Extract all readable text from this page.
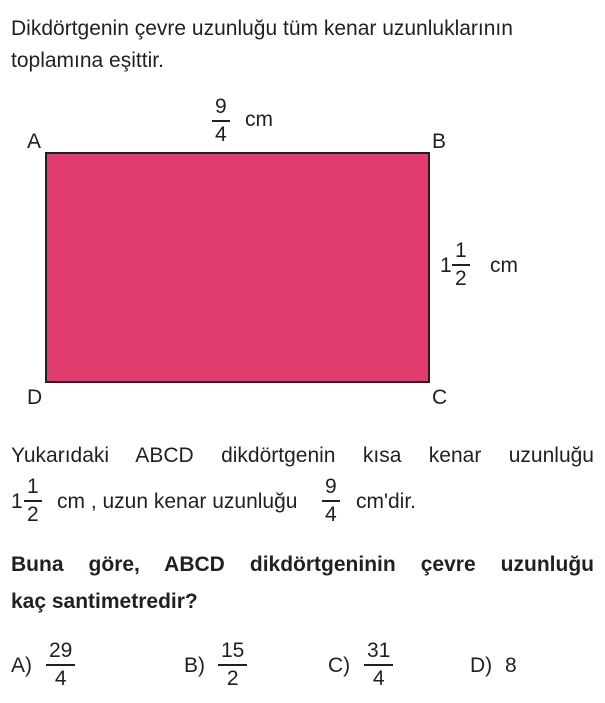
Dikdörtgenin çevre uzunluğu tüm kenar uzunluklarının
toplamına eşittir.
9
4
cm
A	B
D	C
1
1
2
cm
Yukarıdaki ABCD dikdörtgenin kısa kenar uzunluğu
1
1
2
cm , uzun kenar uzunluğu
9
4
cm'dir.
Buna göre, ABCD dikdörtgeninin çevre uzunluğu
kaç santimetredir?
A)
29
4
B)
15
2
C)
31
4
D) 8
